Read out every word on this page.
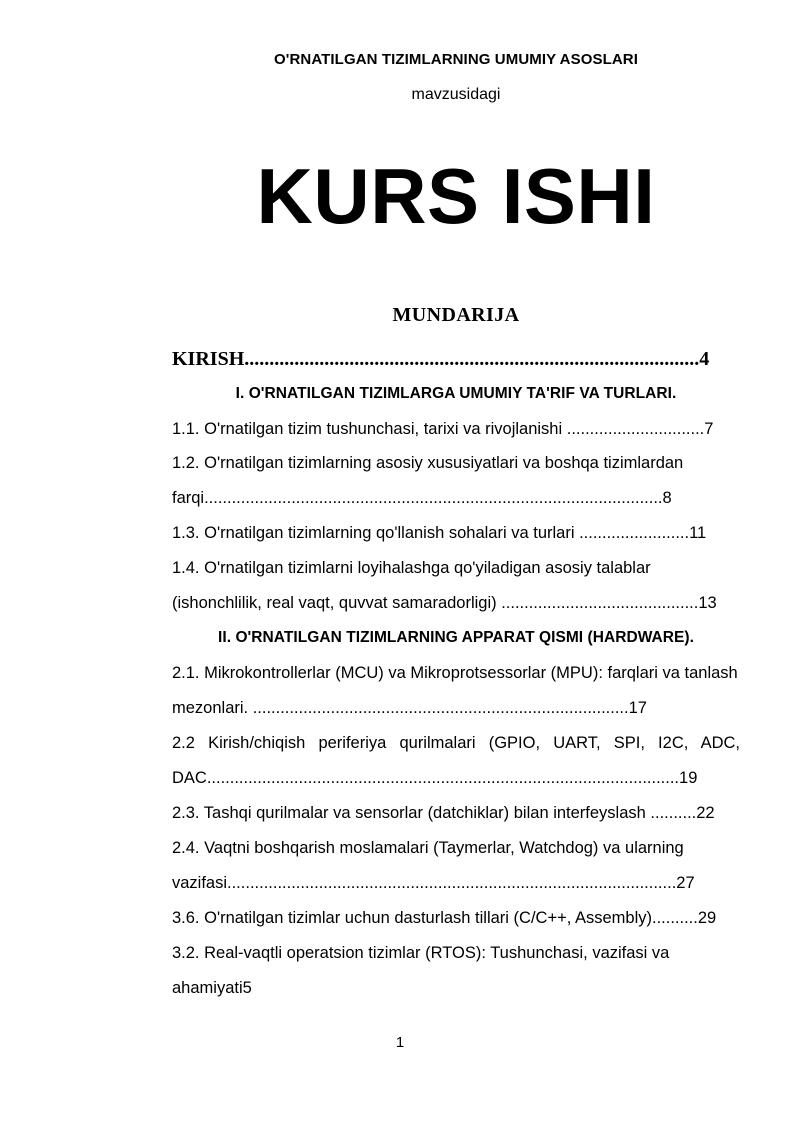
O'RNATILGAN TIZIMLARNING UMUMIY ASOSLARI
mavzusidagi
KURS ISHI
MUNDARIJA
KIRISH...........................................................................................4
I. O'RNATILGAN TIZIMLARGA UMUMIY TA'RIF VA TURLARI.
1.1. O'rnatilgan tizim tushunchasi, tarixi va rivojlanishi ..............................7
1.2. O'rnatilgan tizimlarning asosiy xususiyatlari va boshqa tizimlardan farqi....................................................................................................8
1.3. O'rnatilgan tizimlarning qo'llanish sohalari va turlari ........................11
1.4. O'rnatilgan tizimlarni loyihalashga qo'yiladigan asosiy talablar (ishonchlilik, real vaqt, quvvat samaradorligi) ...........................................13
II. O'RNATILGAN TIZIMLARNING APPARAT QISMI (HARDWARE).
2.1. Mikrokontrollerlar (MCU) va Mikroprotsessorlar (MPU): farqlari va tanlash mezonlari. ..................................................................................17
2.2 Kirish/chiqish periferiya qurilmalari (GPIO, UART, SPI, I2C, ADC, DAC.......................................................................................................19
2.3. Tashqi qurilmalar va sensorlar (datchiklar) bilan interfeyslash ..........22
2.4. Vaqtni boshqarish moslamalari (Taymerlar, Watchdog) va ularning vazifasi..................................................................................................27
3.6. O'rnatilgan tizimlar uchun dasturlash tillari (C/C++, Assembly)..........29
3.2. Real-vaqtli operatsion tizimlar (RTOS): Tushunchasi, vazifasi va ahamiyati5
1
